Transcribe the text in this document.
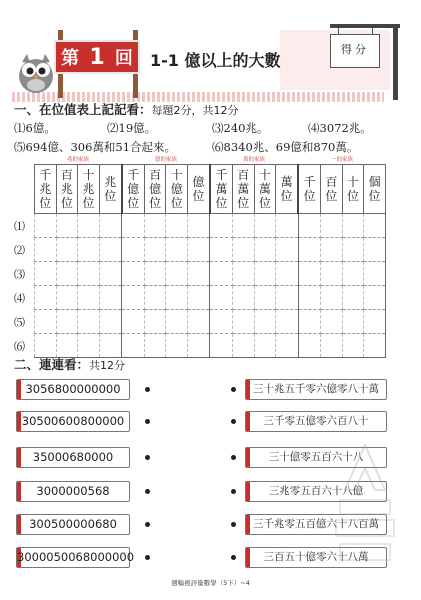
第 1 回 1-1 億以上的大數
得分
一、在位值表上記記看：每題2分，共12分
⑴6億。	⑵19億。	⑶240兆。	⑷3072兆。
⑸694億、306萬和51合起來。	⑹8340兆、69億和870萬。
兆的家族	億的家族	萬的家族	一的家族
千
兆
位	百
兆
位	十
兆
位	兆
位	千
億
位	百
億
位	十
億
位	億
位	千
萬
位	百
萬
位	十
萬
位	萬
位	千
位	百
位	十
位	個
位

⑴
⑵
⑶
⑷
⑸
⑹
二、連連看：共12分
3056800000000
30500600800000
35000680000
3000000568
300500000680
3000050068000000
三十兆五千零六億零八十萬
三千零五億零六百八十
三十億零五百六十八
三兆零五百六十八億
三千兆零五百億六十八百萬
三百五十億零六十八萬
週輪複評量數學（5下）∼4
